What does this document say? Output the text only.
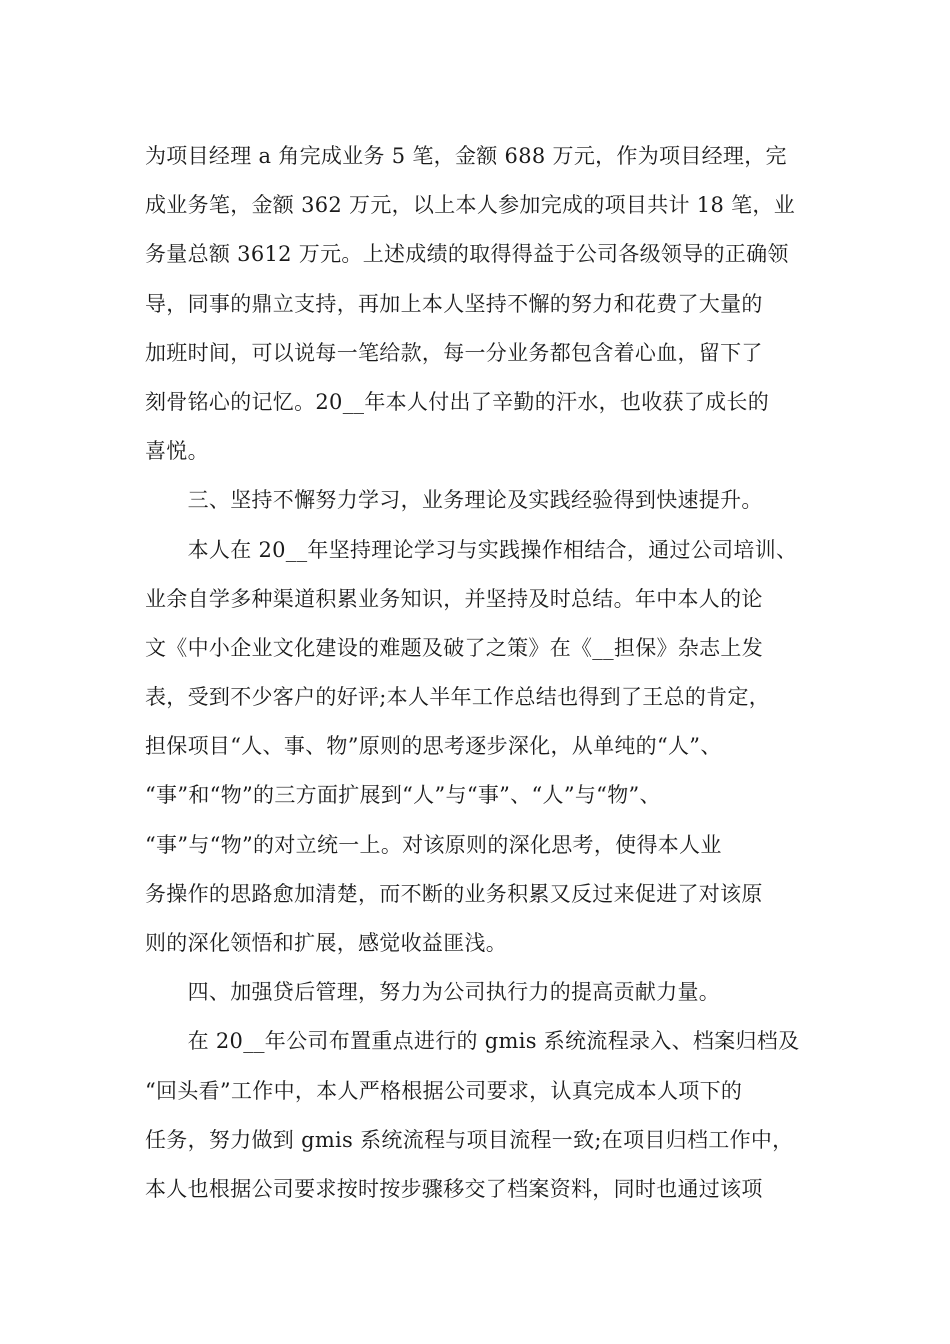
为项目经理 a 角完成业务 5 笔，金额 688 万元，作为项目经理，完
成业务笔，金额 362 万元，以上本人参加完成的项目共计 18 笔，业
务量总额 3612 万元。上述成绩的取得得益于公司各级领导的正确领
导，同事的鼎立支持，再加上本人坚持不懈的努力和花费了大量的
加班时间，可以说每一笔给款，每一分业务都包含着心血，留下了
刻骨铭心的记忆。20__年本人付出了辛勤的汗水，也收获了成长的
喜悦。
　　三、坚持不懈努力学习，业务理论及实践经验得到快速提升。
　　本人在 20__年坚持理论学习与实践操作相结合，通过公司培训、
业余自学多种渠道积累业务知识，并坚持及时总结。年中本人的论
文《中小企业文化建设的难题及破了之策》在《__担保》杂志上发
表，受到不少客户的好评;本人半年工作总结也得到了王总的肯定，
担保项目“人、事、物”原则的思考逐步深化，从单纯的“人”、
“事”和“物”的三方面扩展到“人”与“事”、“人”与“物”、
“事”与“物”的对立统一上。对该原则的深化思考，使得本人业
务操作的思路愈加清楚，而不断的业务积累又反过来促进了对该原
则的深化领悟和扩展，感觉收益匪浅。
　　四、加强贷后管理，努力为公司执行力的提高贡献力量。
　　在 20__年公司布置重点进行的 gmis 系统流程录入、档案归档及
“回头看”工作中，本人严格根据公司要求，认真完成本人项下的
任务，努力做到 gmis 系统流程与项目流程一致;在项目归档工作中，
本人也根据公司要求按时按步骤移交了档案资料，同时也通过该项
